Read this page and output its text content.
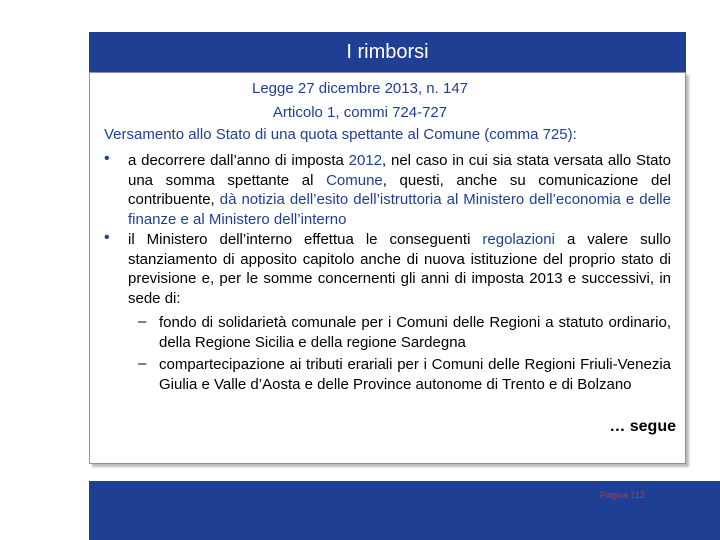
I rimborsi
Legge 27 dicembre 2013, n. 147
Articolo 1, commi 724-727
Versamento allo Stato di una quota spettante al Comune (comma 725):
• a decorrere dall’anno di imposta 2012, nel caso in cui sia stata versata allo Stato una somma spettante al Comune, questi, anche su comunicazione del contribuente, dà notizia dell’esito dell’istruttoria al Ministero dell’economia e delle finanze e al Ministero dell’interno
• il Ministero dell’interno effettua le conseguenti regolazioni a valere sullo stanziamento di apposito capitolo anche di nuova istituzione del proprio stato di previsione e, per le somme concernenti gli anni di imposta 2013 e successivi, in sede di:
– fondo di solidarietà comunale per i Comuni delle Regioni a statuto ordinario, della Regione Sicilia e della regione Sardegna
– compartecipazione ai tributi erariali per i Comuni delle Regioni Friuli-Venezia Giulia e Valle d’Aosta e delle Province autonome di Trento e di Bolzano
… segue
Pagina 112
